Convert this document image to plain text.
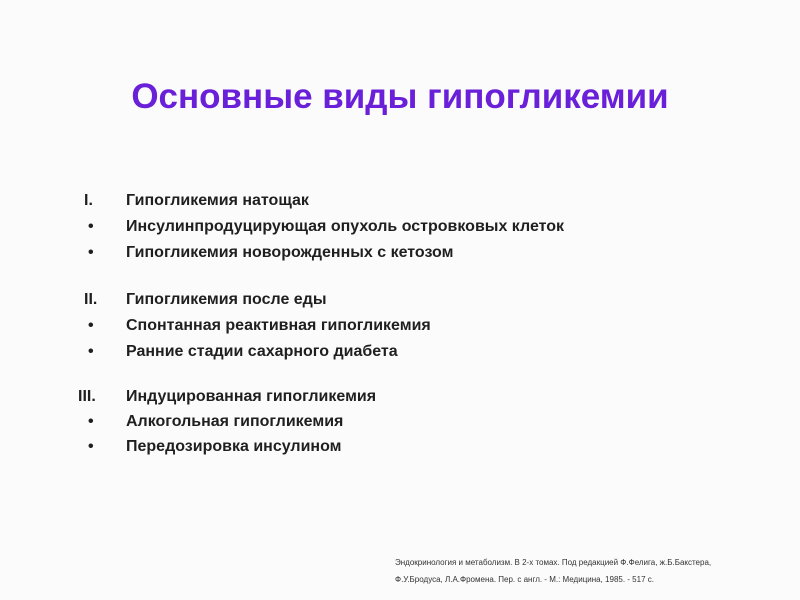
Основные виды гипогликемии
I. Гипогликемия натощак
• Инсулинпродуцирующая опухоль островковых клеток
• Гипогликемия новорожденных с кетозом
II. Гипогликемия после еды
• Спонтанная реактивная гипогликемия
• Ранние стадии сахарного диабета
III. Индуцированная гипогликемия
• Алкогольная гипогликемия
• Передозировка инсулином
Эндокринология и метаболизм. В 2-х томах. Под редакцией Ф.Фелига, ж.Б.Бакстера,
Ф.У.Бродуса, Л.А.Фромена. Пер. с англ. - М.: Медицина, 1985. - 517 с.
